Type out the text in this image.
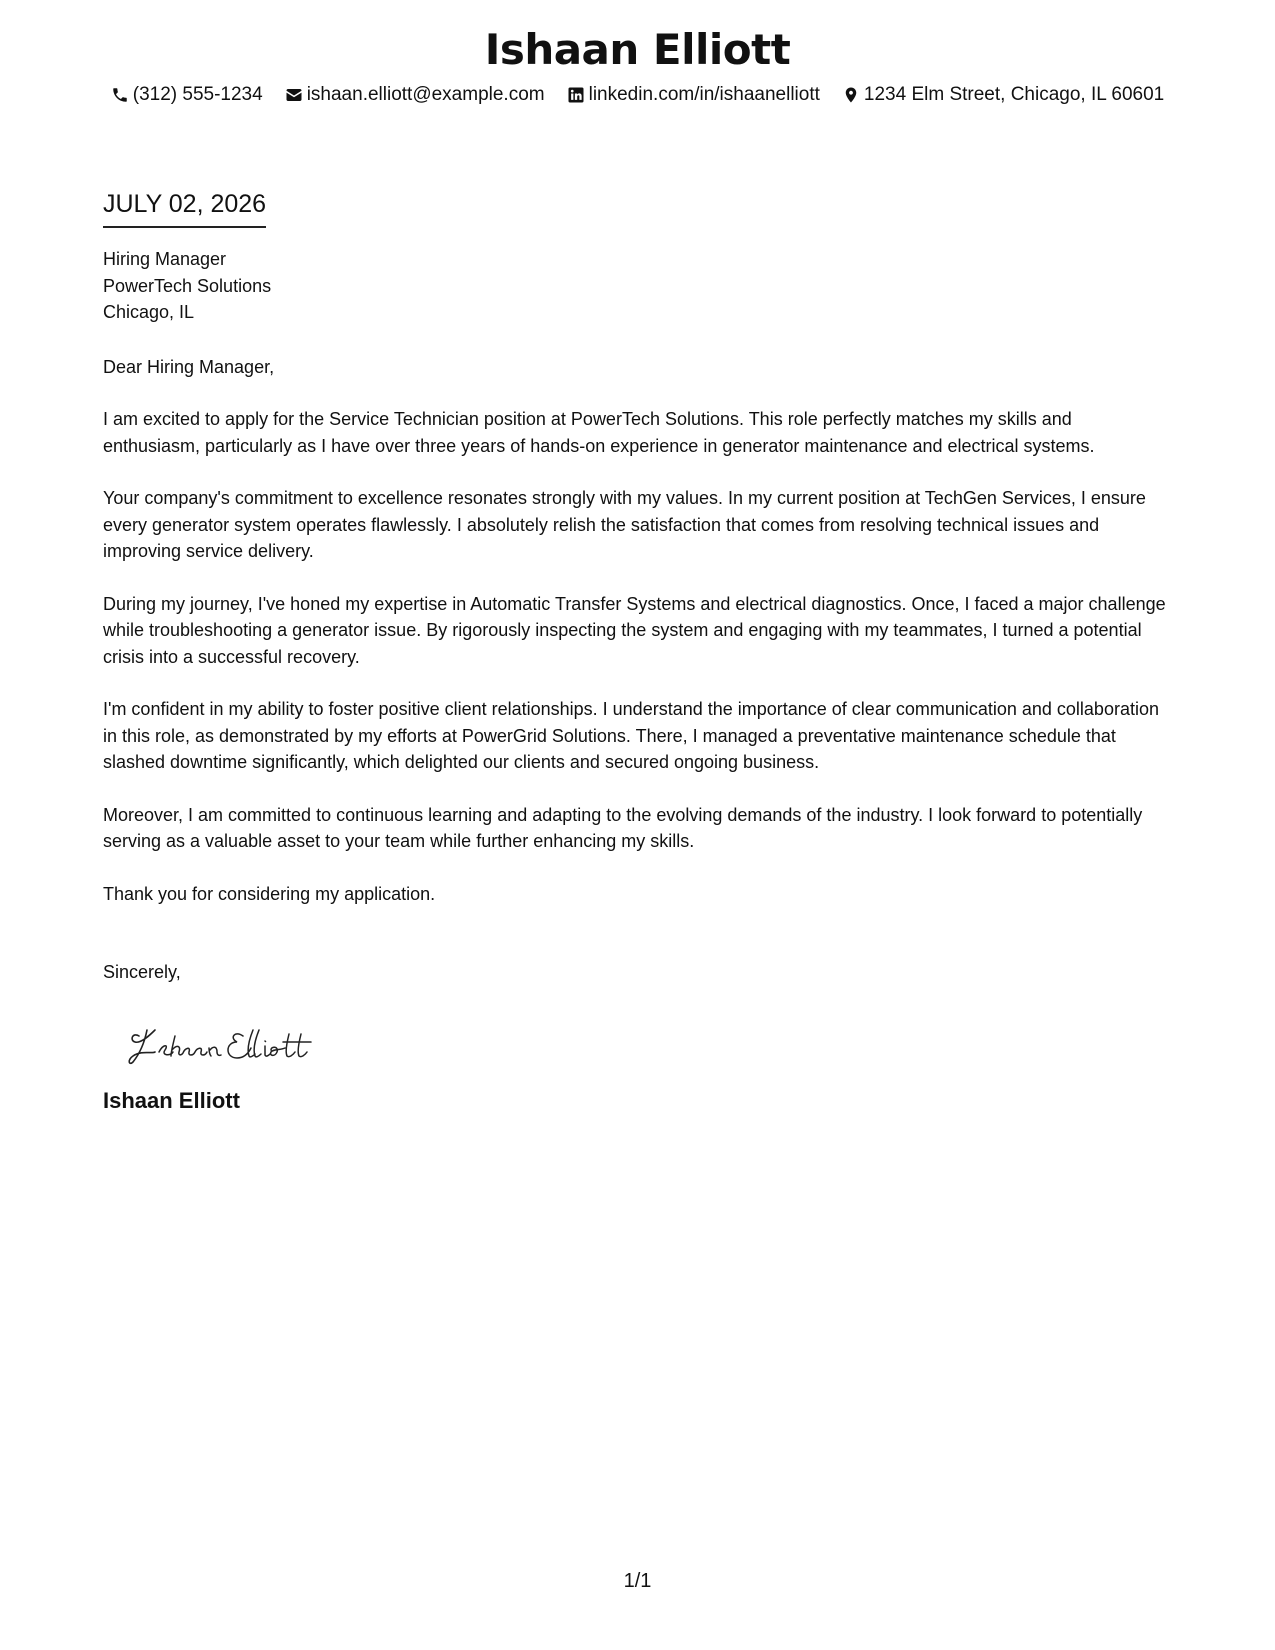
Ishaan Elliott
(312) 555-1234 ishaan.elliott@example.com linkedin.com/in/ishaanelliott 1234 Elm Street, Chicago, IL 60601
JULY 02, 2026
Hiring Manager
PowerTech Solutions
Chicago, IL
Dear Hiring Manager,

I am excited to apply for the Service Technician position at PowerTech Solutions. This role perfectly matches my skills and enthusiasm, particularly as I have over three years of hands-on experience in generator maintenance and electrical systems.

Your company's commitment to excellence resonates strongly with my values. In my current position at TechGen Services, I ensure every generator system operates flawlessly. I absolutely relish the satisfaction that comes from resolving technical issues and improving service delivery.

During my journey, I've honed my expertise in Automatic Transfer Systems and electrical diagnostics. Once, I faced a major challenge while troubleshooting a generator issue. By rigorously inspecting the system and engaging with my teammates, I turned a potential crisis into a successful recovery.

I'm confident in my ability to foster positive client relationships. I understand the importance of clear communication and collaboration in this role, as demonstrated by my efforts at PowerGrid Solutions. There, I managed a preventative maintenance schedule that slashed downtime significantly, which delighted our clients and secured ongoing business.

Moreover, I am committed to continuous learning and adapting to the evolving demands of the industry. I look forward to potentially serving as a valuable asset to your team while further enhancing my skills.

Thank you for considering my application.

Sincerely,
Ishaan Elliott
1/1
